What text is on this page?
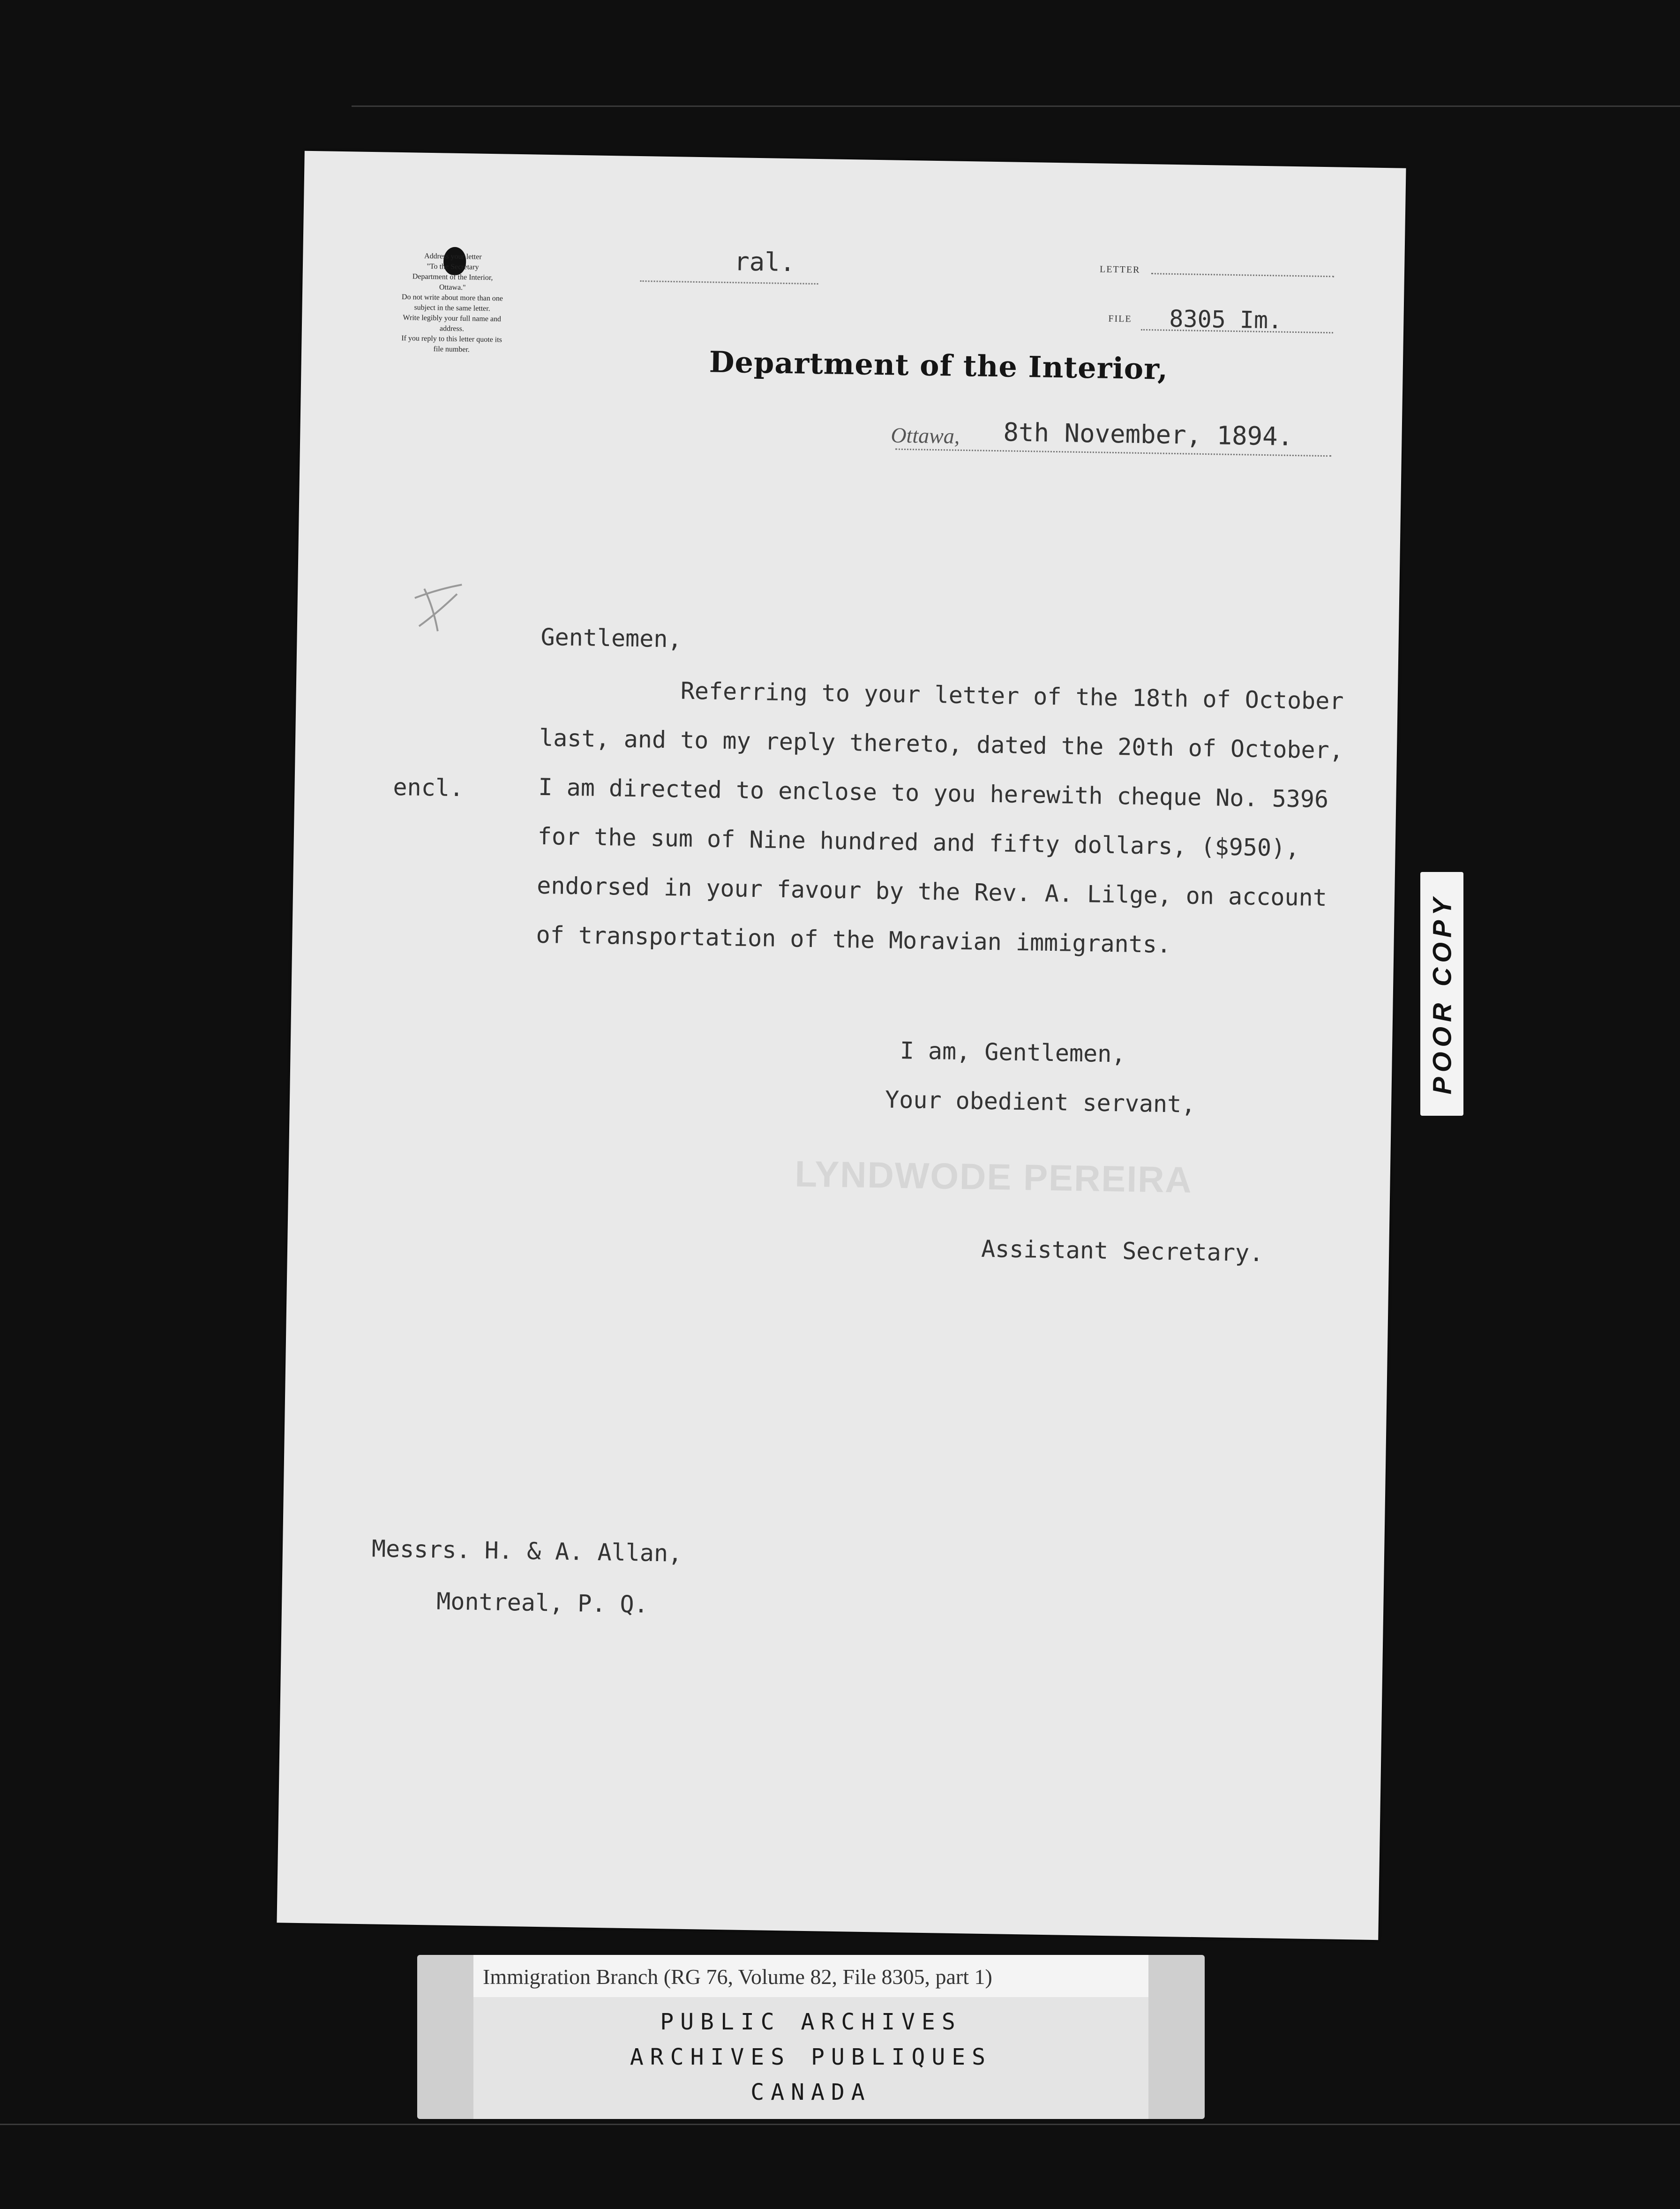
Address your letter
"To the Secretary
Department of the Interior,
Ottawa."
Do not write about more than one
subject in the same letter.
Write legibly your full name and
address.
If you reply to this letter quote its
file number.
ral.	LETTER
FILE 8305 Im.
Department of the Interior,
Ottawa, 8th November, 1894.
Gentlemen,
encl.
Referring to your letter of the 18th of October
last, and to my reply thereto, dated the 20th of October,
I am directed to enclose to you herewith cheque No. 5396
for the sum of Nine hundred and fifty dollars, ($950),
endorsed in your favour by the Rev. A. Lilge, on account
of transportation of the Moravian immigrants.
I am, Gentlemen,
Your obedient servant,
LYNDWODE PEREIRA
Assistant Secretary.
Messrs. H. & A. Allan,
Montreal, P. Q.
POOR COPY
Immigration Branch (RG 76, Volume 82, File 8305, part 1)
PUBLIC ARCHIVES
ARCHIVES PUBLIQUES
CANADA
